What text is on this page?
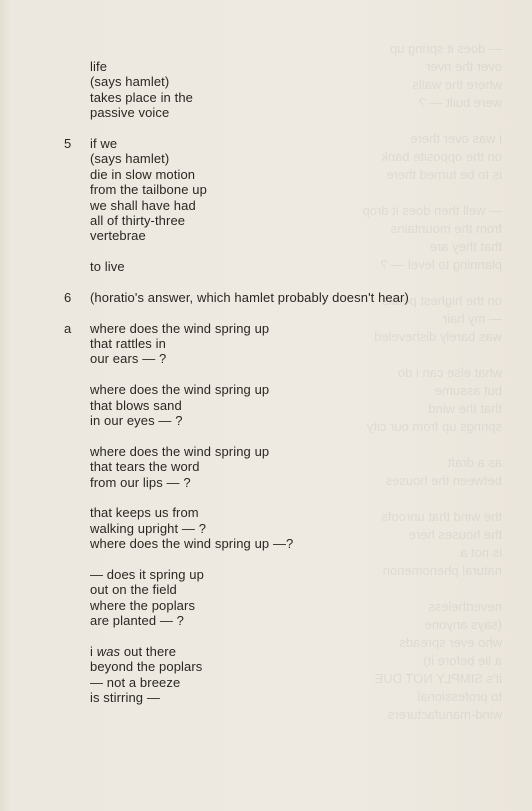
— does it spring up
over the river
where the walls
were built — ?
i was over there
on the opposite bank
is to be turned there
— well then does it drop
from the mountains
that they are
planning to level — ?
on the highest peaks
— my hair
was barely disheveled
what else can i do
but assume
that the wind
springs up from our city
as a draft
between the houses
the wind that unroofs
the houses here
is not a
natural phenomenon
nevertheless
(says anyone
who ever spreads
a lie before it)
it's SIMPLY NOT DUE
to professional
wind-manufacturers
life
(says hamlet)
takes place in the
passive voice
5	if we
(says hamlet)
die in slow motion
from the tailbone up
we shall have had
all of thirty-three
vertebrae
to live
6	(horatio's answer, which hamlet probably doesn't hear)
a	where does the wind spring up
that rattles in
our ears — ?
where does the wind spring up
that blows sand
in our eyes — ?
where does the wind spring up
that tears the word
from our lips — ?
that keeps us from
walking upright — ?
where does the wind spring up —?
— does it spring up
out on the field
where the poplars
are planted — ?
i was out there
beyond the poplars
— not a breeze
is stirring —
